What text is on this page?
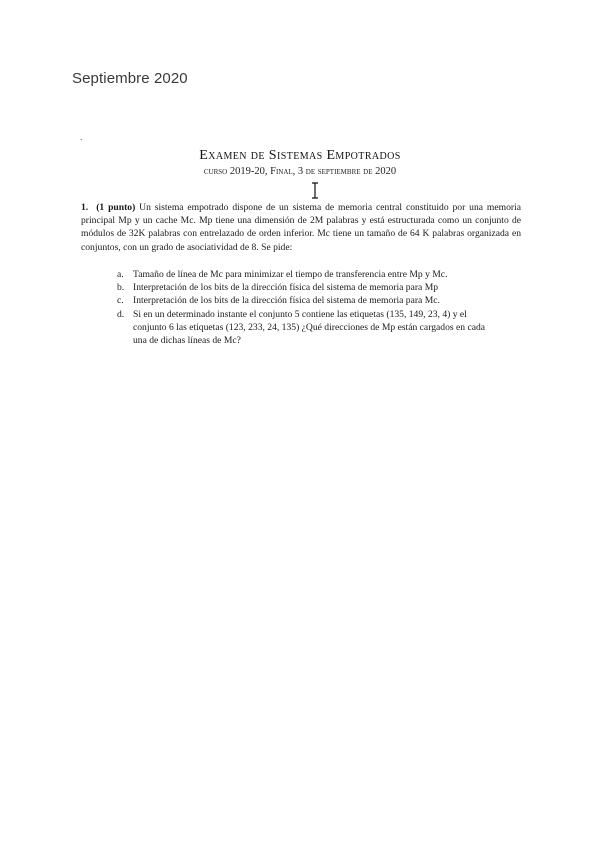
Septiembre 2020
.
Examen de Sistemas Empotrados
curso 2019-20, Final, 3 de septiembre de 2020
1. (1 punto) Un sistema empotrado dispone de un sistema de memoria central constituido por una memoria principal Mp y un cache Mc. Mp tiene una dimensión de 2M palabras y está estructurada como un conjunto de módulos de 32K palabras con entrelazado de orden inferior. Mc tiene un tamaño de 64 K palabras organizada en conjuntos, con un grado de asociatividad de 8. Se pide:
a. Tamaño de línea de Mc para minimizar el tiempo de transferencia entre Mp y Mc.
b. Interpretación de los bits de la dirección física del sistema de memoria para Mp
c. Interpretación de los bits de la dirección física del sistema de memoria para Mc.
d. Si en un determinado instante el conjunto 5 contiene las etiquetas (135, 149, 23, 4) y el conjunto 6 las etiquetas (123, 233, 24, 135) ¿Qué direcciones de Mp están cargados en cada una de dichas líneas de Mc?
